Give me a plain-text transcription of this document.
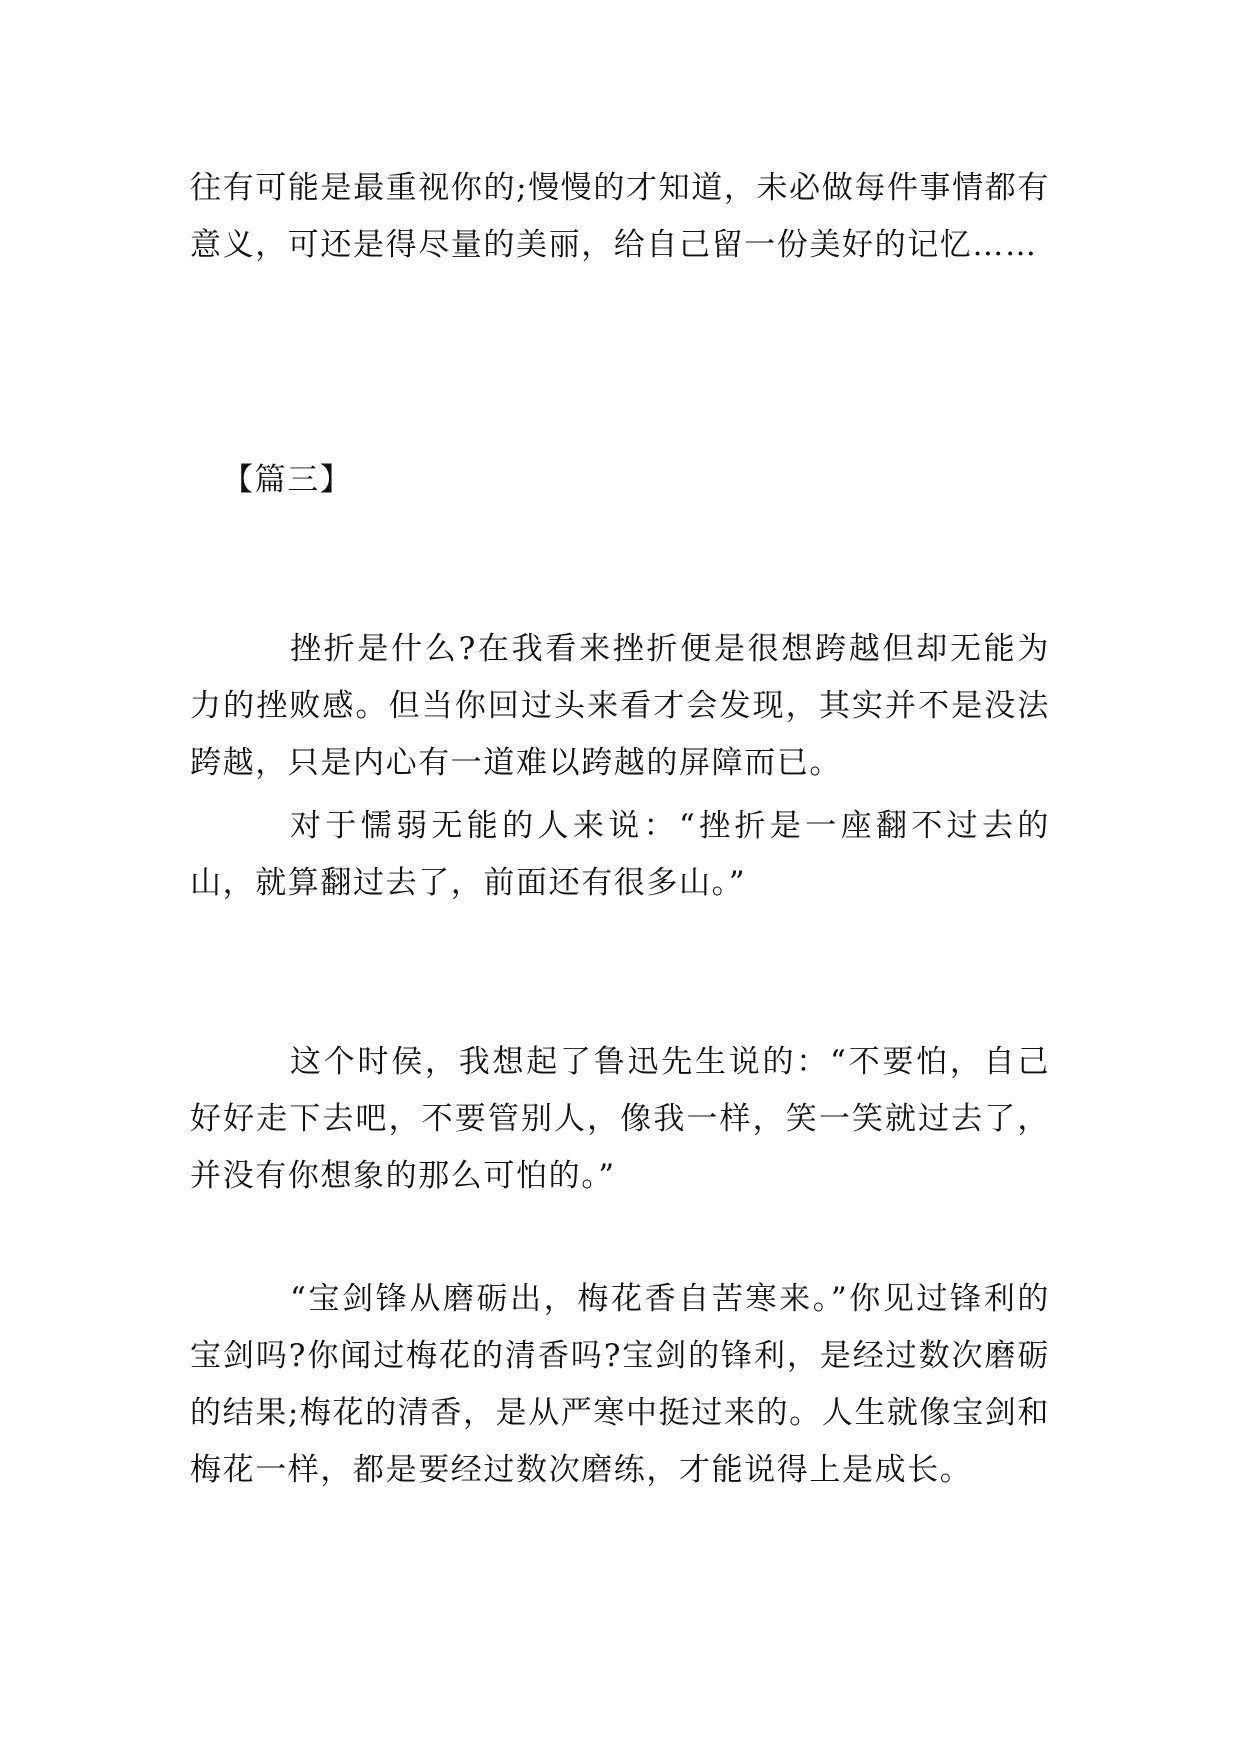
往有可能是最重视你的;慢慢的才知道，未必做每件事情都有意义，可还是得尽量的美丽，给自己留一份美好的记忆……

【篇三】

挫折是什么?在我看来挫折便是很想跨越但却无能为力的挫败感。但当你回过头来看才会发现，其实并不是没法跨越，只是内心有一道难以跨越的屏障而已。

对于懦弱无能的人来说：“挫折是一座翻不过去的山，就算翻过去了，前面还有很多山。”

这个时侯，我想起了鲁迅先生说的：“不要怕，自己好好走下去吧，不要管别人，像我一样，笑一笑就过去了，并没有你想象的那么可怕的。”

“宝剑锋从磨砺出，梅花香自苦寒来。”你见过锋利的宝剑吗?你闻过梅花的清香吗?宝剑的锋利，是经过数次磨砺的结果;梅花的清香，是从严寒中挺过来的。人生就像宝剑和梅花一样，都是要经过数次磨练，才能说得上是成长。
